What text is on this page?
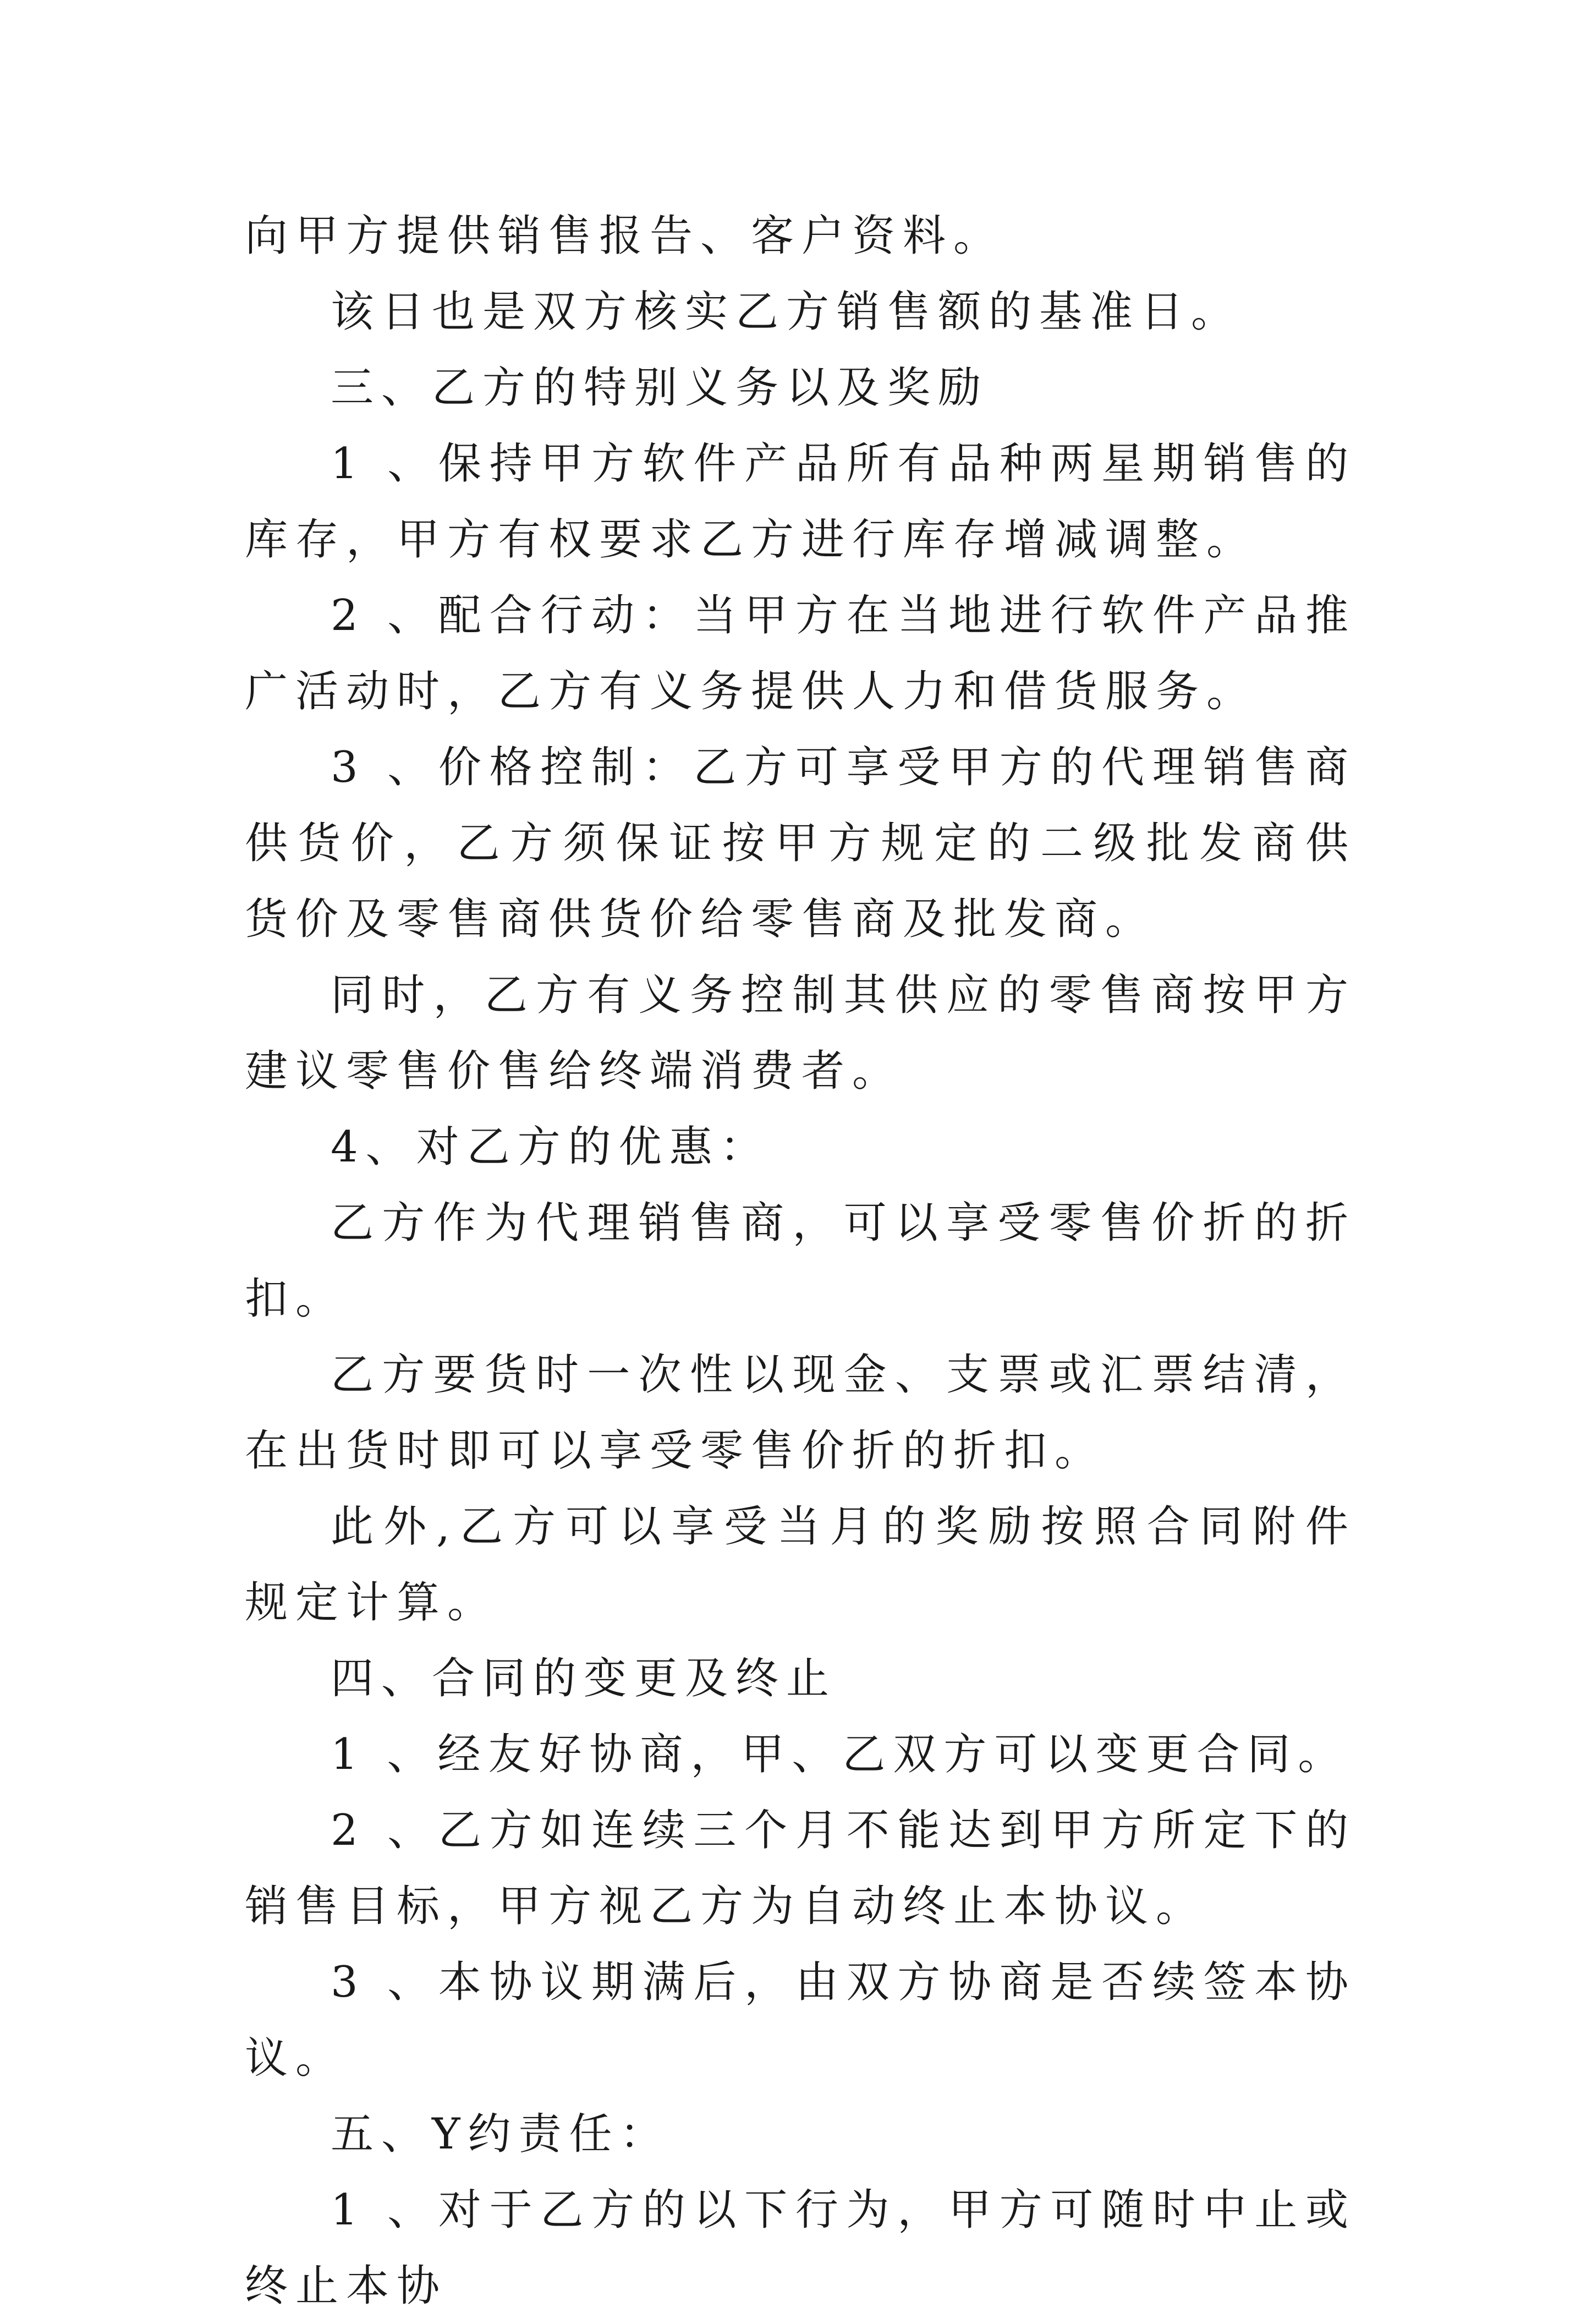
向甲方提供销售报告、客户资料。

该日也是双方核实乙方销售额的基准日。

三、乙方的特别义务以及奖励

1 、保持甲方软件产品所有品种两星期销售的库存，甲方有权要求乙方进行库存增减调整。

2 、配合行动：当甲方在当地进行软件产品推广活动时，乙方有义务提供人力和借货服务。

3 、价格控制：乙方可享受甲方的代理销售商供货价，乙方须保证按甲方规定的二级批发商供货价及零售商供货价给零售商及批发商。

同时，乙方有义务控制其供应的零售商按甲方建议零售价售给终端消费者。

4、对乙方的优惠：

乙方作为代理销售商，可以享受零售价折的折扣。

乙方要货时一次性以现金、支票或汇票结清，在出货时即可以享受零售价折的折扣。

此外,乙方可以享受当月的奖励按照合同附件规定计算。

四、合同的变更及终止

1 、经友好协商，甲、乙双方可以变更合同。

2 、乙方如连续三个月不能达到甲方所定下的销售目标，甲方视乙方为自动终止本协议。

3 、本协议期满后，由双方协商是否续签本协议。

五、Y约责任：

1 、对于乙方的以下行为，甲方可随时中止或终止本协
